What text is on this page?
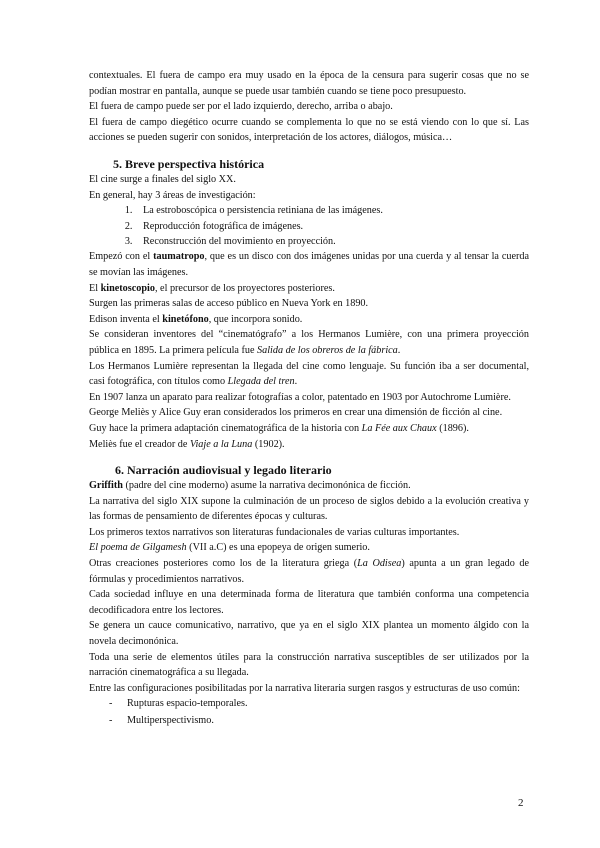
contextuales. El fuera de campo era muy usado en la época de la censura para sugerir cosas que no se podían mostrar en pantalla, aunque se puede usar también cuando se tiene poco presupuesto.

El fuera de campo puede ser por el lado izquierdo, derecho, arriba o abajo.

El fuera de campo diegético ocurre cuando se complementa lo que no se está viendo con lo que sí. Las acciones se pueden sugerir con sonidos, interpretación de los actores, diálogos, música…

5. Breve perspectiva histórica

El cine surge a finales del siglo XX.

En general, hay 3 áreas de investigación:

1. La estroboscópica o persistencia retiniana de las imágenes.
2. Reproducción fotográfica de imágenes.
3. Reconstrucción del movimiento en proyección.

Empezó con el taumatropo, que es un disco con dos imágenes unidas por una cuerda y al tensar la cuerda se movían las imágenes.

El kinetoscopio, el precursor de los proyectores posteriores.

Surgen las primeras salas de acceso público en Nueva York en 1890.

Edison inventa el kinetófono, que incorpora sonido.

Se consideran inventores del “cinematógrafo” a los Hermanos Lumière, con una primera proyección pública en 1895. La primera película fue Salida de los obreros de la fábrica.

Los Hermanos Lumière representan la llegada del cine como lenguaje. Su función iba a ser documental, casi fotográfica, con títulos como Llegada del tren.

En 1907 lanza un aparato para realizar fotografías a color, patentado en 1903 por Autochrome Lumière.

George Meliès y Alice Guy eran considerados los primeros en crear una dimensión de ficción al cine.

Guy hace la primera adaptación cinematográfica de la historia con La Fée aux Chaux (1896).

Meliès fue el creador de Viaje a la Luna (1902).

6. Narración audiovisual y legado literario

Griffith (padre del cine moderno) asume la narrativa decimonónica de ficción.

La narrativa del siglo XIX supone la culminación de un proceso de siglos debido a la evolución creativa y las formas de pensamiento de diferentes épocas y culturas.

Los primeros textos narrativos son literaturas fundacionales de varias culturas importantes.

El poema de Gilgamesh (VII a.C) es una epopeya de origen sumerio.

Otras creaciones posteriores como los de la literatura griega (La Odisea) apunta a un gran legado de fórmulas y procedimientos narrativos.

Cada sociedad influye en una determinada forma de literatura que también conforma una competencia decodificadora entre los lectores.

Se genera un cauce comunicativo, narrativo, que ya en el siglo XIX plantea un momento álgido con la novela decimonónica.

Toda una serie de elementos útiles para la construcción narrativa susceptibles de ser utilizados por la narración cinematográfica a su llegada.

Entre las configuraciones posibilitadas por la narrativa literaria surgen rasgos y estructuras de uso común:

- Rupturas espacio-temporales.
- Multiperspectivismo.
2
